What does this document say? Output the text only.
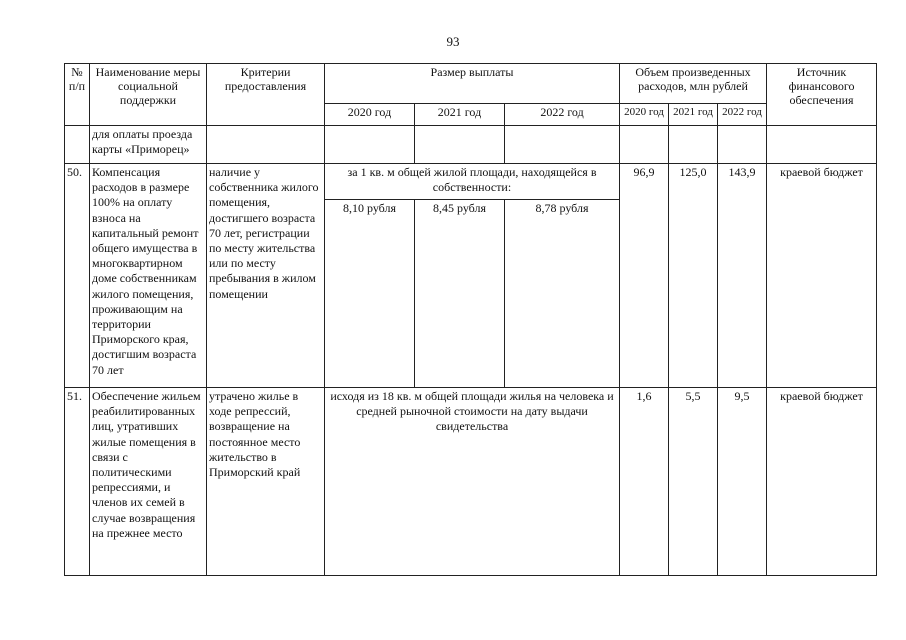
93
№ п/п	Наименование меры социальной поддержки	Критерии предоставления	Размер выплаты			Объем произведенных расходов, млн рублей			Источник финансового обеспечения
			2020 год	2021 год	2022 год	2020 год	2021 год	2022 год	
	для оплаты проезда карты «Приморец»								
50.	Компенсация расходов в размере 100% на оплату взноса на капитальный ремонт общего имущества в многоквартирном доме собственникам жилого помещения, проживающим на территории Приморского края, достигшим возраста 70 лет	наличие у собственника жилого помещения, достигшего возраста 70 лет, регистрации по месту жительства или по месту пребывания в жилом помещении	за 1 кв. м общей жилой площади, находящейся в собственности:			96,9	125,0	143,9	краевой бюджет
			8,10 рубля	8,45 рубля	8,78 рубля				
51.	Обеспечение жильем реабилитированных лиц, утративших жилые помещения в связи с политическими репрессиями, и членов их семей в случае возвращения на прежнее место	утрачено жилье в ходе репрессий, возвращение на постоянное место жительство в Приморский край	исходя из 18 кв. м общей площади жилья на человека и средней рыночной стоимости на дату выдачи свидетельства			1,6	5,5	9,5	краевой бюджет
